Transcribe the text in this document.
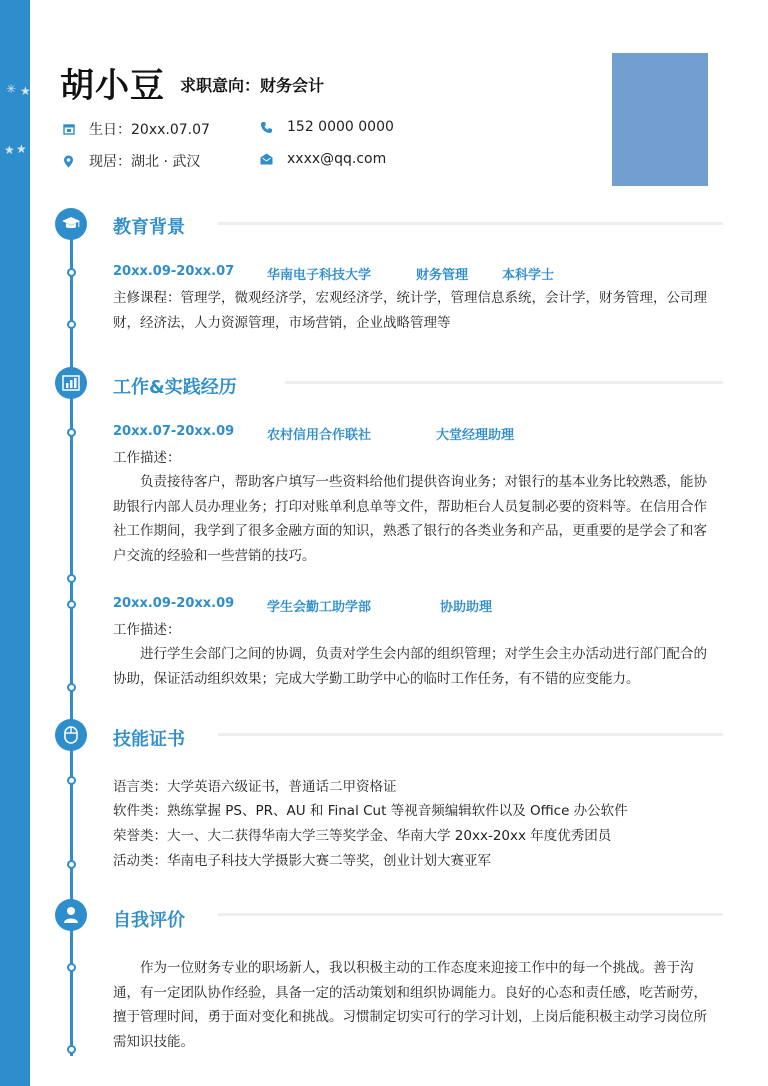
✳ ★
★ ★
胡小豆 求职意向：财务会计
生日：20xx.07.07	152 0000 0000
现居：湖北 · 武汉	xxxx@qq.com
教育背景
20xx.09-20xx.07	华南电子科技大学	财务管理	本科学士
主修课程：管理学，微观经济学，宏观经济学，统计学，管理信息系统，会计学，财务管理，公司理财，经济法，人力资源管理，市场营销，企业战略管理等
工作&实践经历
20xx.07-20xx.09	农村信用合作联社	大堂经理助理
工作描述：
负责接待客户，帮助客户填写一些资料给他们提供咨询业务；对银行的基本业务比较熟悉，能协助银行内部人员办理业务；打印对账单利息单等文件，帮助柜台人员复制必要的资料等。在信用合作社工作期间，我学到了很多金融方面的知识，熟悉了银行的各类业务和产品，更重要的是学会了和客户交流的经验和一些营销的技巧。
20xx.09-20xx.09	学生会勤工助学部	协助助理
工作描述：
进行学生会部门之间的协调，负责对学生会内部的组织管理；对学生会主办活动进行部门配合的协助，保证活动组织效果；完成大学勤工助学中心的临时工作任务，有不错的应变能力。
技能证书
语言类：大学英语六级证书，普通话二甲资格证
软件类：熟练掌握 PS、PR、AU 和 Final Cut 等视音频编辑软件以及 Office 办公软件
荣誉类：大一、大二获得华南大学三等奖学金、华南大学 20xx-20xx 年度优秀团员
活动类：华南电子科技大学摄影大赛二等奖，创业计划大赛亚军
自我评价
作为一位财务专业的职场新人，我以积极主动的工作态度来迎接工作中的每一个挑战。善于沟通，有一定团队协作经验，具备一定的活动策划和组织协调能力。良好的心态和责任感，吃苦耐劳，擅于管理时间，勇于面对变化和挑战。习惯制定切实可行的学习计划，上岗后能积极主动学习岗位所需知识技能。
